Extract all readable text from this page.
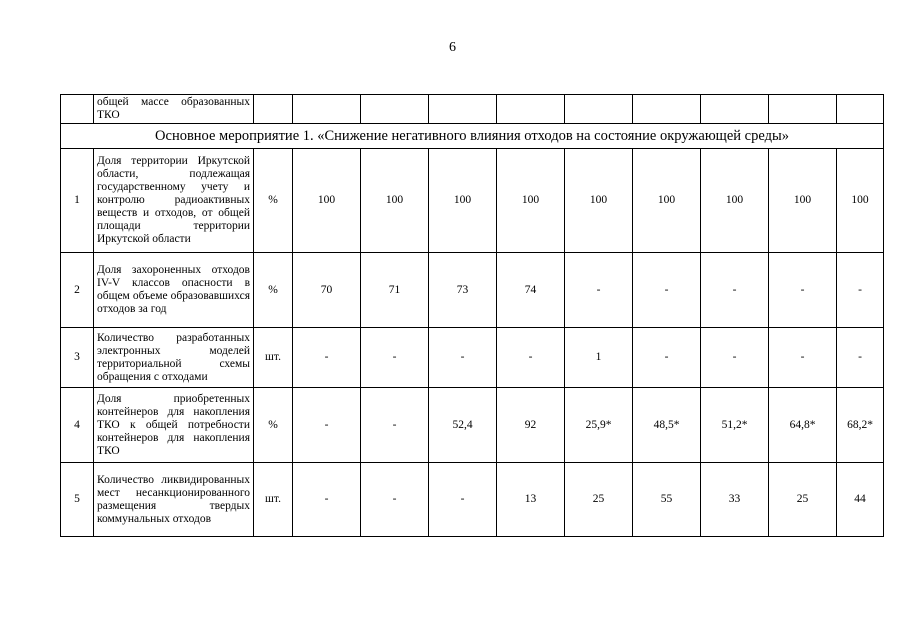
6
	общей массе образованных ТКО										
Основное мероприятие 1. «Снижение негативного влияния отходов на состояние окружающей среды»											
1	Доля территории Иркутской области, подлежащая государственному учету и контролю радиоактивных веществ и отходов, от общей площади территории Иркутской области	%	100	100	100	100	100	100	100	100	100
2	Доля захороненных отходов IV-V классов опасности в общем объеме образовавшихся отходов за год	%	70	71	73	74	-	-	-	-	-
3	Количество разработанных электронных моделей территориальной схемы обращения с отходами	шт.	-	-	-	-	1	-	-	-	-
4	Доля приобретенных контейнеров для накопления ТКО к общей потребности контейнеров для накопления ТКО	%	-	-	52,4	92	25,9*	48,5*	51,2*	64,8*	68,2*
5	Количество ликвидированных мест несанкционированного размещения твердых коммунальных отходов	шт.	-	-	-	13	25	55	33	25	44
